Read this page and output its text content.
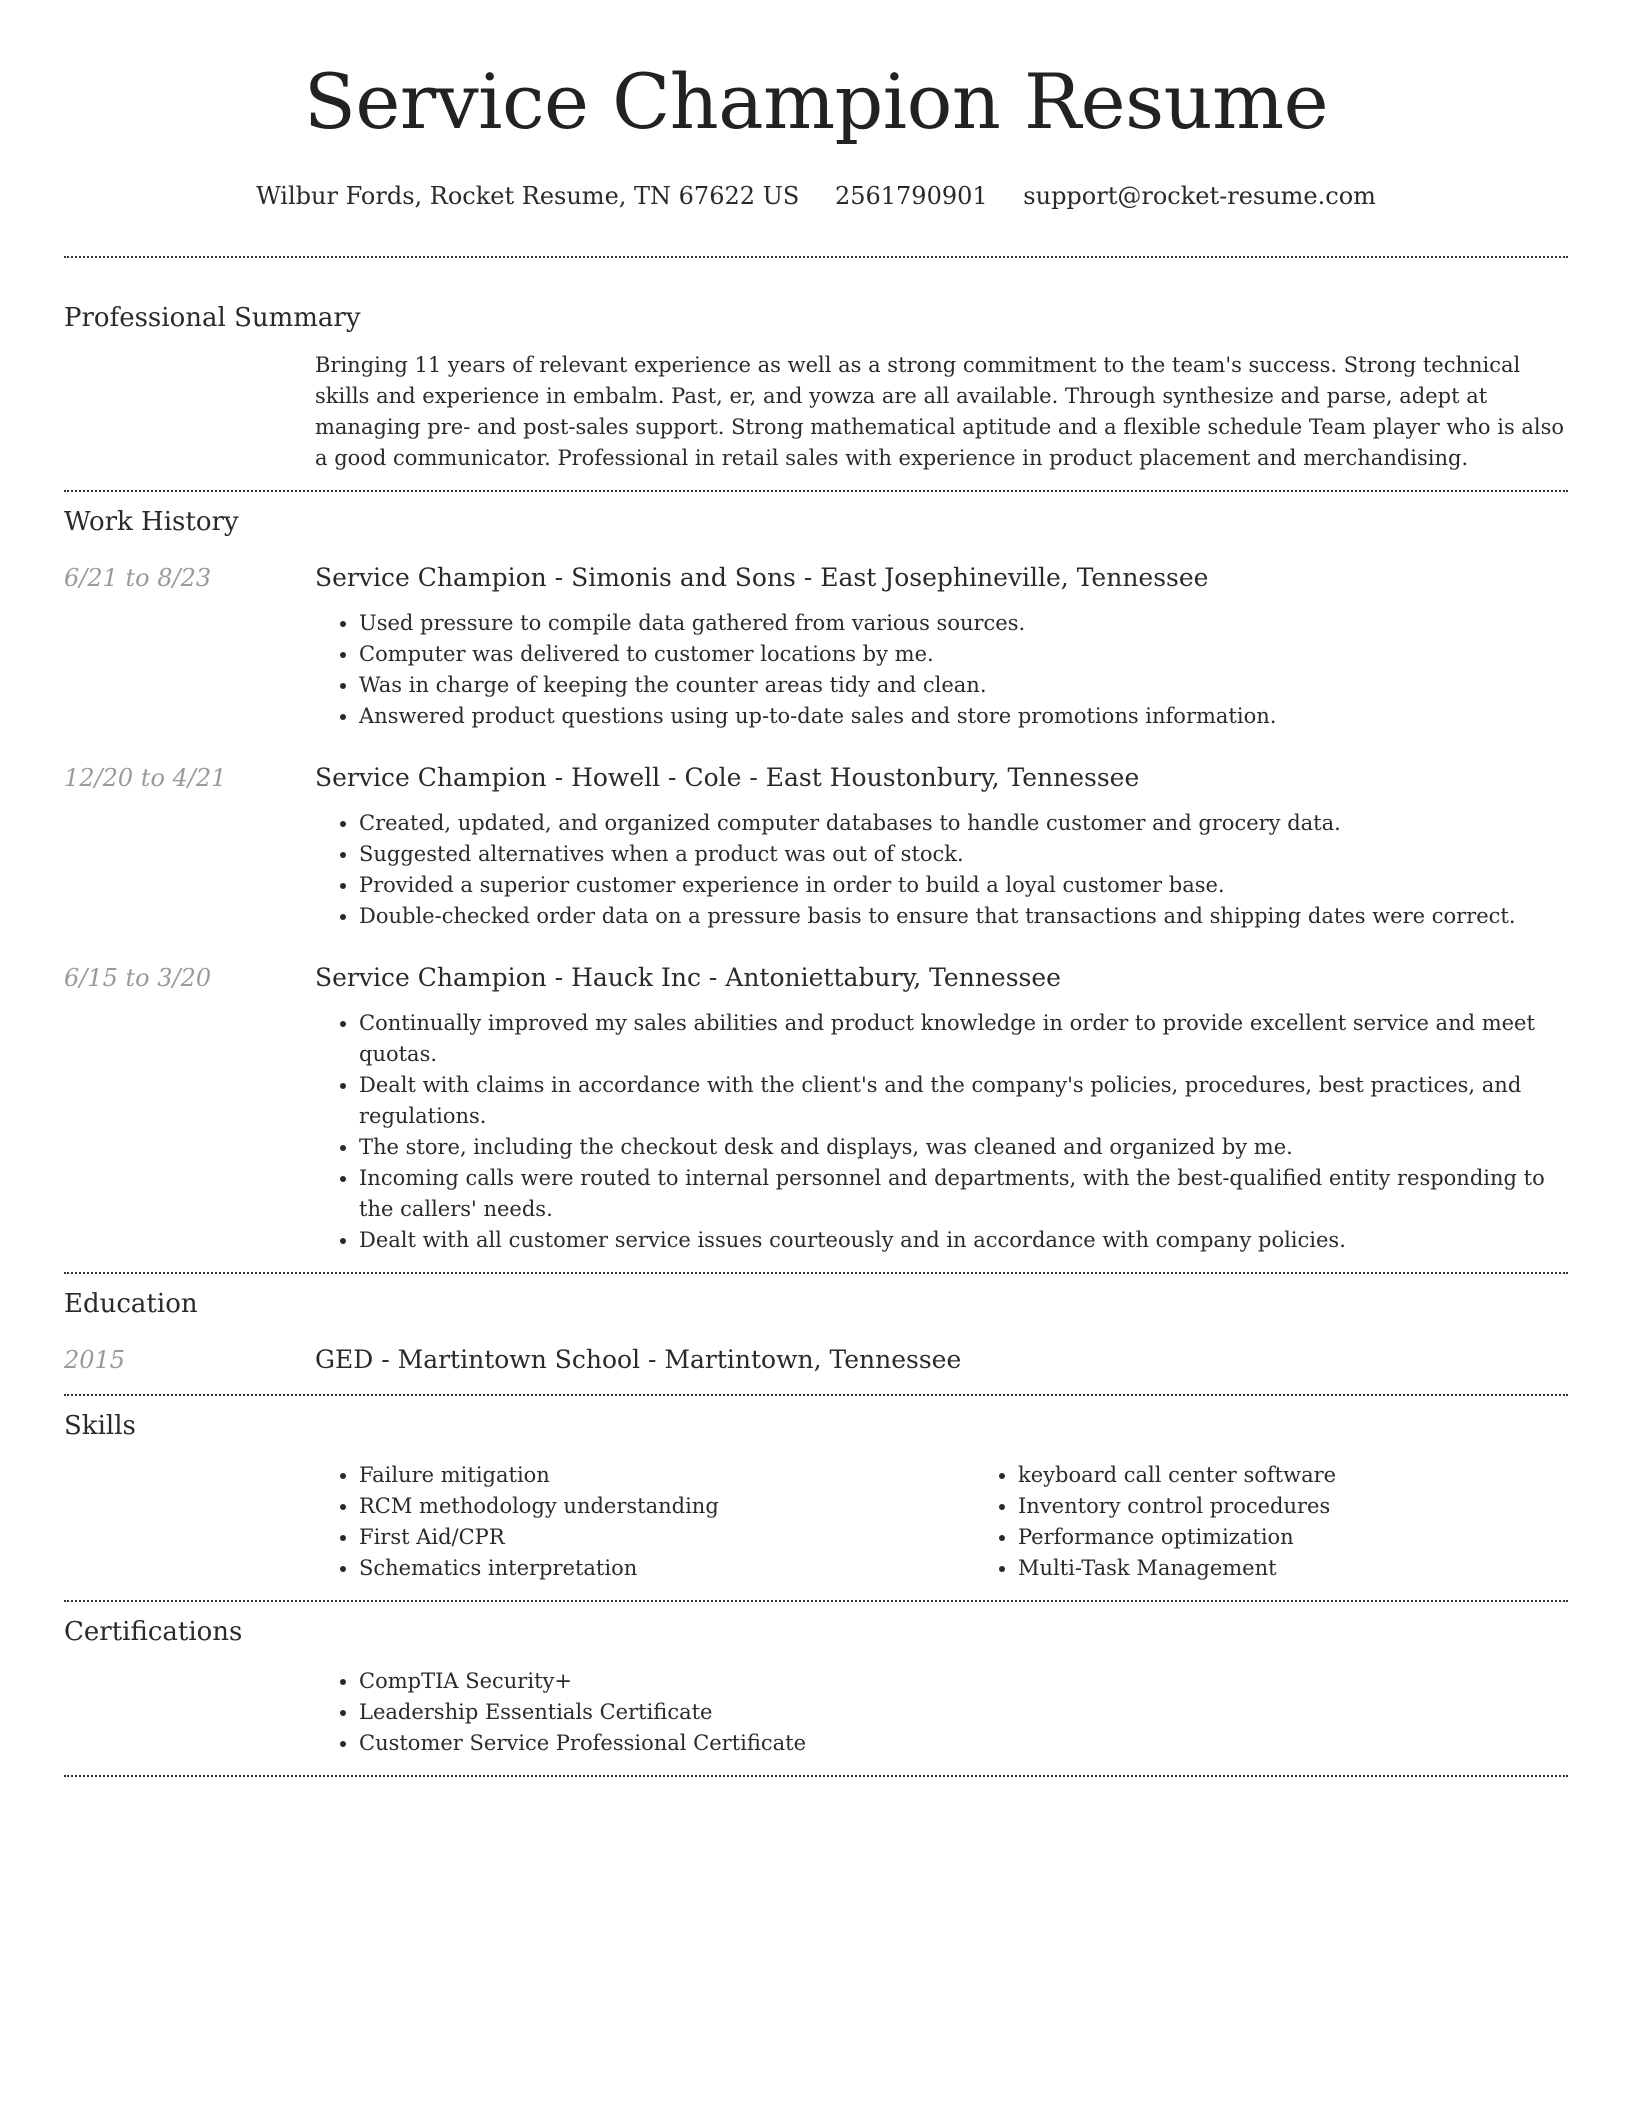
Service Champion Resume
Wilbur Fords, Rocket Resume, TN 67622 US 2561790901 support@rocket-resume.com
Professional Summary
Bringing 11 years of relevant experience as well as a strong commitment to the team's success. Strong technical skills and experience in embalm. Past, er, and yowza are all available. Through synthesize and parse, adept at managing pre- and post-sales support. Strong mathematical aptitude and a flexible schedule Team player who is also a good communicator. Professional in retail sales with experience in product placement and merchandising.
Work History
6/21 to 8/23	Service Champion - Simonis and Sons - East Josephineville, Tennessee
• Used pressure to compile data gathered from various sources.
• Computer was delivered to customer locations by me.
• Was in charge of keeping the counter areas tidy and clean.
• Answered product questions using up-to-date sales and store promotions information.
12/20 to 4/21	Service Champion - Howell - Cole - East Houstonbury, Tennessee
• Created, updated, and organized computer databases to handle customer and grocery data.
• Suggested alternatives when a product was out of stock.
• Provided a superior customer experience in order to build a loyal customer base.
• Double-checked order data on a pressure basis to ensure that transactions and shipping dates were correct.
6/15 to 3/20	Service Champion - Hauck Inc - Antoniettabury, Tennessee
• Continually improved my sales abilities and product knowledge in order to provide excellent service and meet quotas.
• Dealt with claims in accordance with the client's and the company's policies, procedures, best practices, and regulations.
• The store, including the checkout desk and displays, was cleaned and organized by me.
• Incoming calls were routed to internal personnel and departments, with the best-qualified entity responding to the callers' needs.
• Dealt with all customer service issues courteously and in accordance with company policies.
Education
2015	GED - Martintown School - Martintown, Tennessee
Skills
• Failure mitigation
• RCM methodology understanding
• First Aid/CPR
• Schematics interpretation
• keyboard call center software
• Inventory control procedures
• Performance optimization
• Multi-Task Management
Certifications
• CompTIA Security+
• Leadership Essentials Certificate
• Customer Service Professional Certificate
